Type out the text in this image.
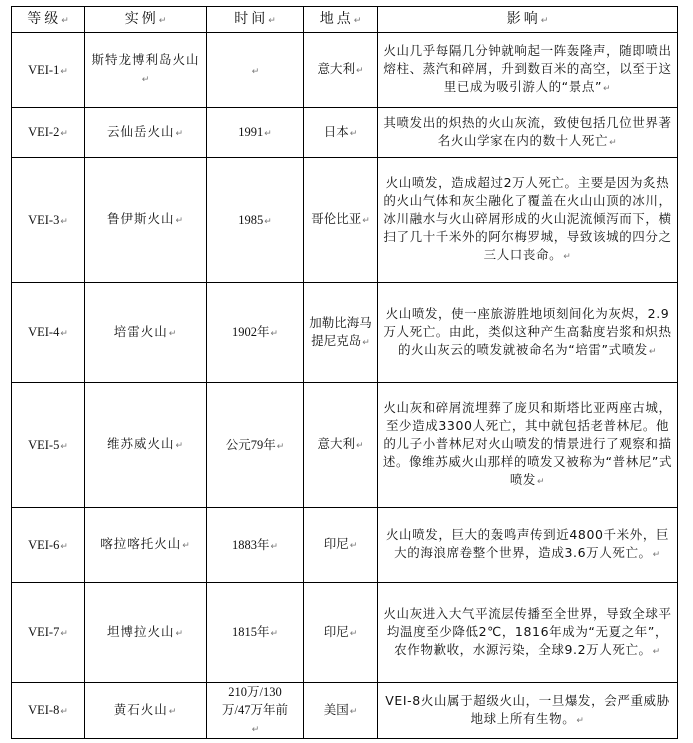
等级↵	实例↵	时间↵	地点↵	影响↵
VEI-1↵	斯特龙博利岛火山↵	↵	意大利↵	火山几乎每隔几分钟就响起一阵轰隆声，随即喷出熔柱、蒸汽和碎屑，升到数百米的高空，以至于这里已成为吸引游人的“景点”↵
VEI-2↵	云仙岳火山↵	1991↵	日本↵	其喷发出的炽热的火山灰流，致使包括几位世界著名火山学家在内的数十人死亡↵
VEI-3↵	鲁伊斯火山↵	1985↵	哥伦比亚↵	火山喷发，造成超过2万人死亡。主要是因为炙热的火山气体和灰尘融化了覆盖在火山山顶的冰川，冰川融水与火山碎屑形成的火山泥流倾泻而下，横扫了几十千米外的阿尔梅罗城，导致该城的四分之三人口丧命。↵
VEI-4↵	培雷火山↵	1902年↵	加勒比海马提尼克岛↵	火山喷发，使一座旅游胜地顷刻间化为灰烬，2.9万人死亡。由此，类似这种产生高黏度岩浆和炽热的火山灰云的喷发就被命名为“培雷”式喷发↵
VEI-5↵	维苏威火山↵	公元79年↵	意大利↵	火山灰和碎屑流埋葬了庞贝和斯塔比亚两座古城，至少造成3300人死亡，其中就包括老普林尼。他的儿子小普林尼对火山喷发的情景进行了观察和描述。像维苏威火山那样的喷发又被称为“普林尼”式喷发↵
VEI-6↵	喀拉喀托火山↵	1883年↵	印尼↵	火山喷发，巨大的轰鸣声传到近4800千米外，巨大的海浪席卷整个世界，造成3.6万人死亡。↵
VEI-7↵	坦博拉火山↵	1815年↵	印尼↵	火山灰进入大气平流层传播至全世界，导致全球平均温度至少降低2℃，1816年成为“无夏之年”，农作物歉收，水源污染，全球9.2万人死亡。↵
VEI-8↵	黄石火山↵	210万/130万/47万年前↵	美国↵	VEI-8火山属于超级火山，一旦爆发，会严重威胁地球上所有生物。↵
